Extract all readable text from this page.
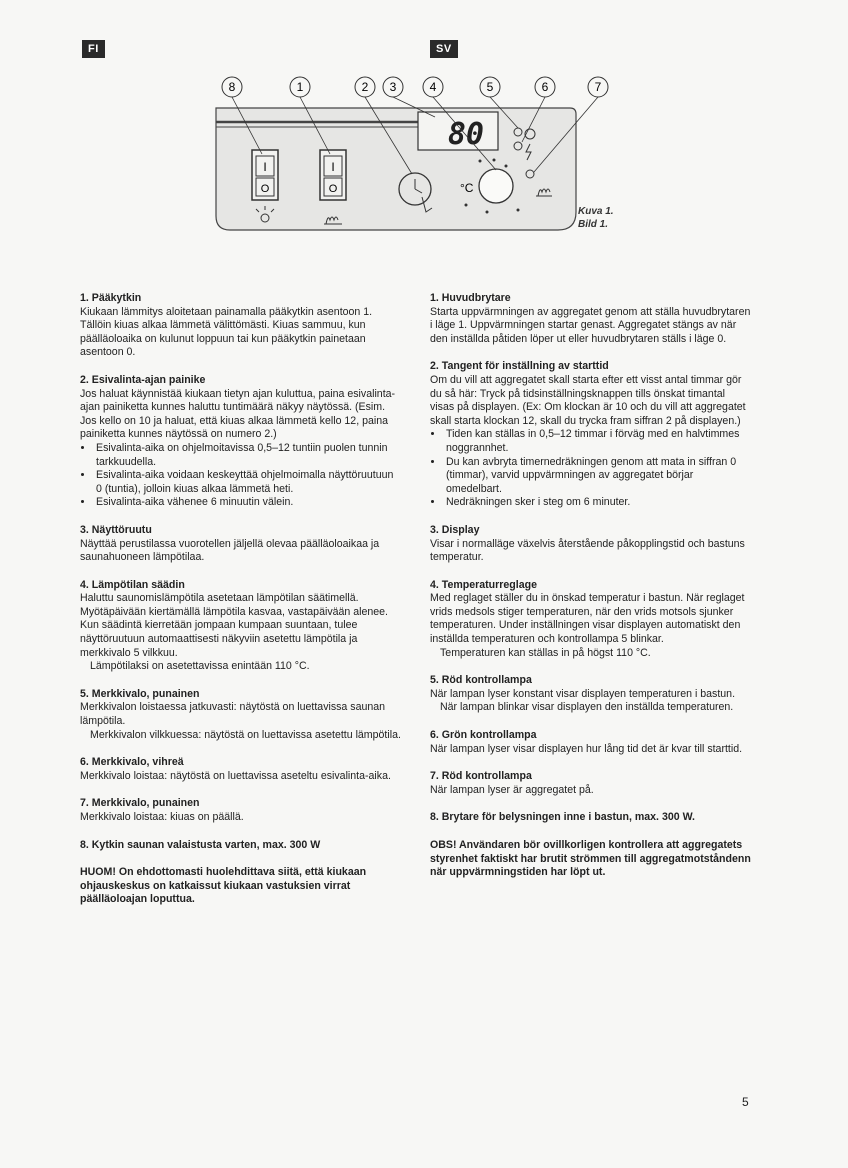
FI	SV
8	1	2 3	4	5	6	7
I
O
I
O
80
°C
Kuva 1.
Bild 1.
1. Pääkytkin

Kiukaan lämmitys aloitetaan painamalla pääkytkin asentoon 1. Tällöin kiuas alkaa lämmetä välittömästi. Kiuas sammuu, kun päälläoloaika on kulunut loppuun tai kun pääkytkin painetaan asentoon 0.

2. Esivalinta-ajan painike

Jos haluat käynnistää kiukaan tietyn ajan kuluttua, paina esivalinta-ajan painiketta kunnes haluttu tuntimäärä näkyy näytössä. (Esim. Jos kello on 10 ja haluat, että kiuas alkaa lämmetä kello 12, paina painiketta kunnes näytössä on numero 2.)

• Esivalinta-aika on ohjelmoitavissa 0,5–12 tuntiin puolen tunnin tarkkuudella.
• Esivalinta-aika voidaan keskeyttää ohjelmoimalla näyttöruutuun 0 (tuntia), jolloin kiuas alkaa lämmetä heti.
• Esivalinta-aika vähenee 6 minuutin välein.
3. Näyttöruutu

Näyttää perustilassa vuorotellen jäljellä olevaa päälläoloaikaa ja saunahuoneen lämpötilaa.

4. Lämpötilan säädin

Haluttu saunomislämpötila asetetaan lämpötilan säätimellä. Myötäpäivään kiertämällä lämpötila kasvaa, vastapäivään alenee. Kun säädintä kierretään jompaan kumpaan suuntaan, tulee näyttöruutuun automaattisesti näkyviin asetettu lämpötila ja merkkivalo 5 vilkkuu.

Lämpötilaksi on asetettavissa enintään 110 °C.

5. Merkkivalo, punainen

Merkkivalon loistaessa jatkuvasti: näytöstä on luettavissa saunan lämpötila.

Merkkivalon vilkkuessa: näytöstä on luettavissa asetettu lämpötila.

6. Merkkivalo, vihreä

Merkkivalo loistaa: näytöstä on luettavissa aseteltu esivalinta-aika.

7. Merkkivalo, punainen

Merkkivalo loistaa: kiuas on päällä.

8. Kytkin saunan valaistusta varten, max. 300 W

HUOM! On ehdottomasti huolehdittava siitä, että kiukaan ohjauskeskus on katkaissut kiukaan vastuksien virrat päälläoloajan loputtua.

1. Huvudbrytare

Starta uppvärmningen av aggregatet genom att ställa huvudbrytaren i läge 1. Uppvärmningen startar genast. Aggregatet stängs av när den inställda påtiden löper ut eller huvudbrytaren ställs i läge 0.

2. Tangent för inställning av starttid

Om du vill att aggregatet skall starta efter ett visst antal timmar gör du så här: Tryck på tidsinställningsknappen tills önskat timantal visas på displayen. (Ex: Om klockan är 10 och du vill att aggregatet skall starta klockan 12, skall du trycka fram siffran 2 på displayen.)

• Tiden kan ställas in 0,5–12 timmar i förväg med en halvtimmes noggrannhet.
• Du kan avbryta timernedräkningen genom att mata in siffran 0 (timmar), varvid uppvärmningen av aggregatet börjar omedelbart.
• Nedräkningen sker i steg om 6 minuter.
3. Display

Visar i normalläge växelvis återstående påkopplingstid och bastuns temperatur.

4. Temperaturreglage

Med reglaget ställer du in önskad temperatur i bastun. När reglaget vrids medsols stiger temperaturen, när den vrids motsols sjunker temperaturen. Under inställningen visar displayen automatiskt den inställda temperaturen och kontrollampa 5 blinkar.

Temperaturen kan ställas in på högst 110 °C.

5. Röd kontrollampa

När lampan lyser konstant visar displayen temperaturen i bastun.

När lampan blinkar visar displayen den inställda temperaturen.

6. Grön kontrollampa

När lampan lyser visar displayen hur lång tid det är kvar till starttid.

7. Röd kontrollampa

När lampan lyser är aggregatet på.

8. Brytare för belysningen inne i bastun, max. 300 W.

OBS! Användaren bör ovillkorligen kontrollera att aggregatets styrenhet faktiskt har brutit strömmen till aggregatmotståndenn när uppvärmningstiden har löpt ut.

5
